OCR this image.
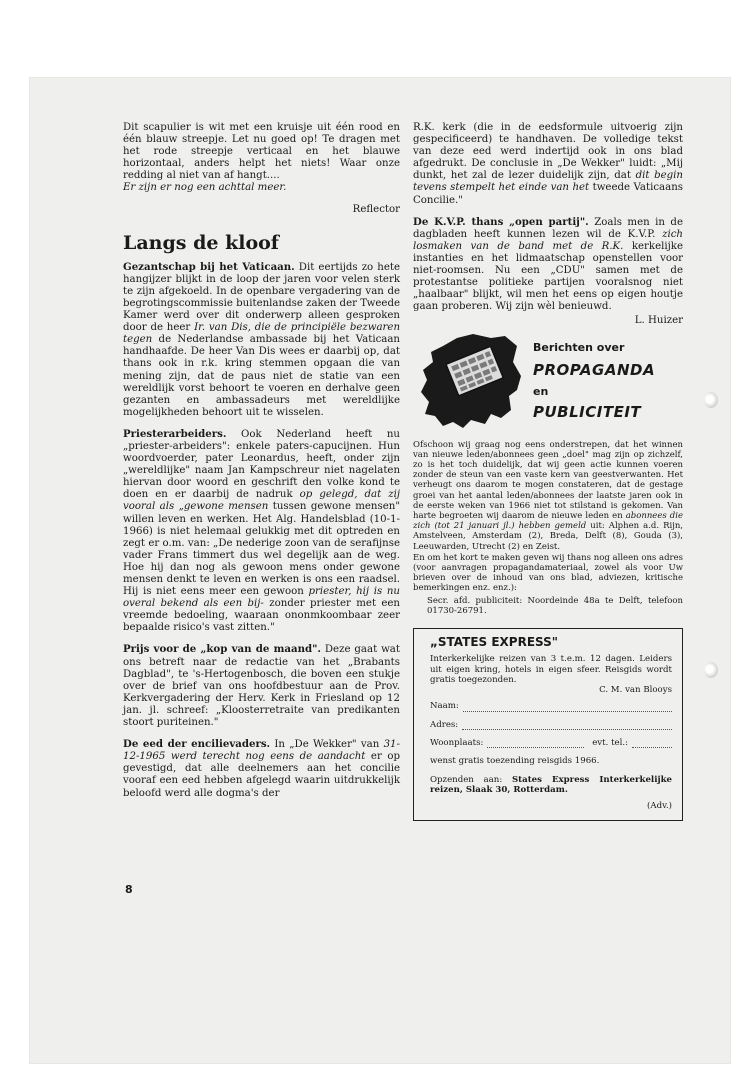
Dit scapulier is wit met een kruisje uit één rood en één blauw streepje. Let nu goed op! Te dragen met het rode streepje verticaal en het blauwe horizontaal, anders helpt het niets! Waar onze redding al niet van af hangt....
Er zijn er nog een achttal meer.

Reflector
Langs de kloof

Gezantschap bij het Vaticaan. Dit eertijds zo hete hangijzer blijkt in de loop der jaren voor velen sterk te zijn afgekoeld. In de openbare vergadering van de begrotingscommissie buitenlandse zaken der Tweede Kamer werd over dit onderwerp alleen gesproken door de heer Ir. van Dis, die de principiële bezwaren tegen de Nederlandse ambassade bij het Vaticaan handhaafde. De heer Van Dis wees er daarbij op, dat thans ook in r.k. kring stemmen opgaan die van mening zijn, dat de paus niet de statie van een wereldlijk vorst behoort te voeren en derhalve geen gezanten en ambassadeurs met wereldlijke mogelijkheden behoort uit te wisselen.

Priesterarbeiders. Ook Nederland heeft nu „priester-arbeiders": enkele paters-capucijnen. Hun woordvoerder, pater Leonardus, heeft, onder zijn „wereldlijke" naam Jan Kampschreur niet nagelaten hiervan door woord en geschrift den volke kond te doen en er daarbij de nadruk op gelegd, dat zij vooral als „gewone mensen tussen gewone mensen" willen leven en werken. Het Alg. Handelsblad (10-1-1966) is niet helemaal gelukkig met dit optreden en zegt er o.m. van: „De nederige zoon van de serafijnse vader Frans timmert dus wel degelijk aan de weg. Hoe hij dan nog als gewoon mens onder gewone mensen denkt te leven en werken is ons een raadsel. Hij is niet eens meer een gewoon priester, hij is nu overal bekend als een bij- zonder priester met een vreemde bedoeling, waaraan ononmkoombaar zeer bepaalde risico's vast zitten."

Prijs voor de „kop van de maand". Deze gaat wat ons betreft naar de redactie van het „Brabants Dagblad", te 's-Hertogenbosch, die boven een stukje over de brief van ons hoofdbestuur aan de Prov. Kerkvergadering der Herv. Kerk in Friesland op 12 jan. jl. schreef: „Kloosterretraite van predikanten stoort puriteinen."

De eed der encilievaders. In „De Wekker" van 31-12-1965 werd terecht nog eens de aandacht er op gevestigd, dat alle deelnemers aan het concilie vooraf een eed hebben afgelegd waarin uitdrukkelijk beloofd werd alle dogma's der

R.K. kerk (die in de eedsformule uitvoerig zijn gespecificeerd) te handhaven. De volledige tekst van deze eed werd indertijd ook in ons blad afgedrukt. De conclusie in „De Wekker" luidt: „Mij dunkt, het zal de lezer duidelijk zijn, dat dit begin tevens stempelt het einde van het tweede Vaticaans Concilie."

De K.V.P. thans „open partij". Zoals men in de dagbladen heeft kunnen lezen wil de K.V.P. zich losmaken van de band met de R.K. kerkelijke instanties en het lidmaatschap openstellen voor niet-roomsen. Nu een „CDU" samen met de protestantse politieke partijen vooralsnog niet „haalbaar" blijkt, wil men het eens op eigen houtje gaan proberen. Wij zijn wèl benieuwd.

L. Huizer
Berichten over
PROPAGANDA
en
PUBLICITEIT

Ofschoon wij graag nog eens onderstrepen, dat het winnen van nieuwe leden/abonnees geen „doel" mag zijn op zichzelf, zo is het toch duidelijk, dat wij geen actie kunnen voeren zonder de steun van een vaste kern van geestverwanten. Het verheugt ons daarom te mogen constateren, dat de gestage groei van het aantal leden/abonnees der laatste jaren ook in de eerste weken van 1966 niet tot stilstand is gekomen. Van harte begroeten wij daarom de nieuwe leden en abonnees die zich (tot 21 januari jl.) hebben gemeld uit: Alphen a.d. Rijn, Amstelveen, Amsterdam (2), Breda, Delft (8), Gouda (3), Leeuwarden, Utrecht (2) en Zeist.

En om het kort te maken geven wij thans nog alleen ons adres (voor aanvragen propagandamateriaal, zowel als voor Uw brieven over de inhoud van ons blad, adviezen, kritische bemerkingen enz. enz.):

Secr. afd. publiciteit: Noordeinde 48a te Delft, telefoon 01730-26791.

„STATES EXPRESS"

Interkerkelijke reizen van 3 t.e.m. 12 dagen. Leiders uit eigen kring, hotels in eigen sfeer. Reisgids wordt gratis toegezonden.

C. M. van Blooys

Naam:
Adres:
Woonplaats:	evt. tel.:

wenst gratis toezending reisgids 1966.

Opzenden aan: States Express Interkerkelijke reizen, Slaak 30, Rotterdam.

(Adv.)

8
